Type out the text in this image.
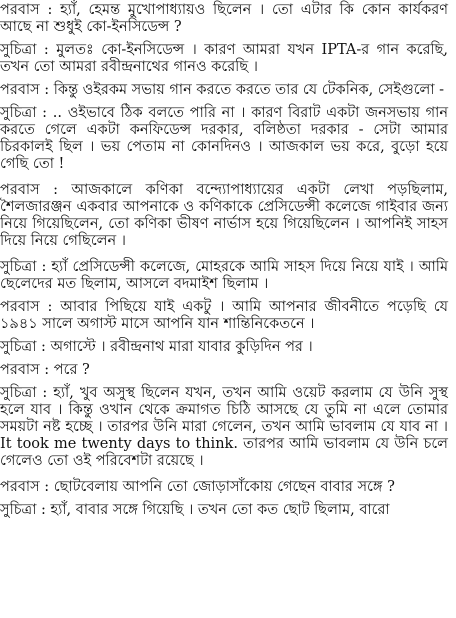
পরবাস : হ্যাঁ, হেমন্ত মুখোপাধ্যায়ও ছিলেন । তো এটার কি কোন কার্যকরণ আছে না শুধুই কো-ইনসিডেন্স ?

সুচিত্রা : মুলতঃ কো-ইনসিডেন্স । কারণ আমরা যখন IPTA-র গান করেছি, তখন তো আমরা রবীন্দ্রনাথের গানও করেছি ।

পরবাস : কিন্তু ওইরকম সভায় গান করতে করতে তার যে টেকনিক, সেইগুলো -

সুচিত্রা : .. ওইভাবে ঠিক বলতে পারি না । কারণ বিরাট একটা জনসভায় গান করতে গেলে একটা কনফিডেন্স দরকার, বলিষ্ঠতা দরকার - সেটা আমার চিরকালই ছিল । ভয় পেতাম না কোনদিনও । আজকাল ভয় করে, বুড়ো হয়ে গেছি তো !

পরবাস : আজকালে কণিকা বন্দ্যোপাধ্যায়ের একটা লেখা পড়ছিলাম, শৈলজারঞ্জন একবার আপনাকে ও কণিকাকে প্রেসিডেন্সী কলেজে গাইবার জন্য নিয়ে গিয়েছিলেন, তো কণিকা ভীষণ নার্ভাস হয়ে গিয়েছিলেন । আপনিই সাহস দিয়ে নিয়ে গেছিলেন ।

সুচিত্রা : হ্যাঁ প্রেসিডেন্সী কলেজে, মোহরকে আমি সাহস দিয়ে নিয়ে যাই । আমি ছেলেদের মত ছিলাম, আসলে বদমাইশ ছিলাম ।

পরবাস : আবার পিছিয়ে যাই একটু । আমি আপনার জীবনীতে পড়েছি যে ১৯৪১ সালে অগাস্ট মাসে আপনি যান শান্তিনিকেতনে ।

সুচিত্রা : অগাস্টে । রবীন্দ্রনাথ মারা যাবার কুড়িদিন পর ।

পরবাস : পরে ?

সুচিত্রা : হ্যাঁ, খুব অসুস্থ ছিলেন যখন, তখন আমি ওয়েট করলাম যে উনি সুস্থ হলে যাব । কিন্তু ওখান থেকে ক্রমাগত চিঠি আসছে যে তুমি না এলে তোমার সময়টা নষ্ট হচ্ছে । তারপর উনি মারা গেলেন, তখন আমি ভাবলাম যে যাব না । It took me twenty days to think. তারপর আমি ভাবলাম যে উনি চলে গেলেও তো ওই পরিবেশটা রয়েছে ।

পরবাস : ছোটবেলায় আপনি তো জোড়াসাঁকোয় গেছেন বাবার সঙ্গে ?

সুচিত্রা : হ্যাঁ, বাবার সঙ্গে গিয়েছি । তখন তো কত ছোট ছিলাম, বারো
